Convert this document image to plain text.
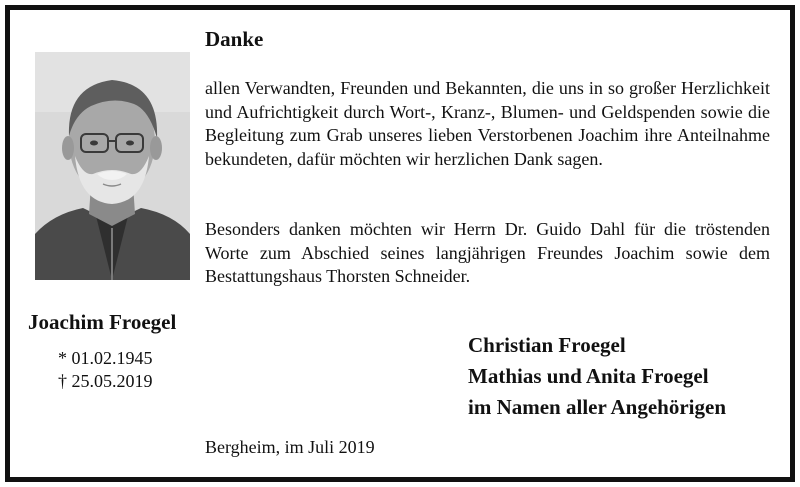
Danke
allen Verwandten, Freunden und Bekannten, die uns in so großer Herzlichkeit und Aufrichtigkeit durch Wort-, Kranz-, Blumen- und Geldspenden sowie die Begleitung zum Grab unseres lieben Verstorbenen Joachim ihre Anteilnahme bekundeten, dafür möchten wir herzlichen Dank sagen.
Besonders danken möchten wir Herrn Dr. Guido Dahl für die tröstenden Worte zum Abschied seines langjährigen Freundes Joachim sowie dem Bestattungshaus Thorsten Schneider.
Joachim Froegel
* 01.02.1945
† 25.05.2019
Christian Froegel
Mathias und Anita Froegel
im Namen aller Angehörigen
Bergheim, im Juli 2019
